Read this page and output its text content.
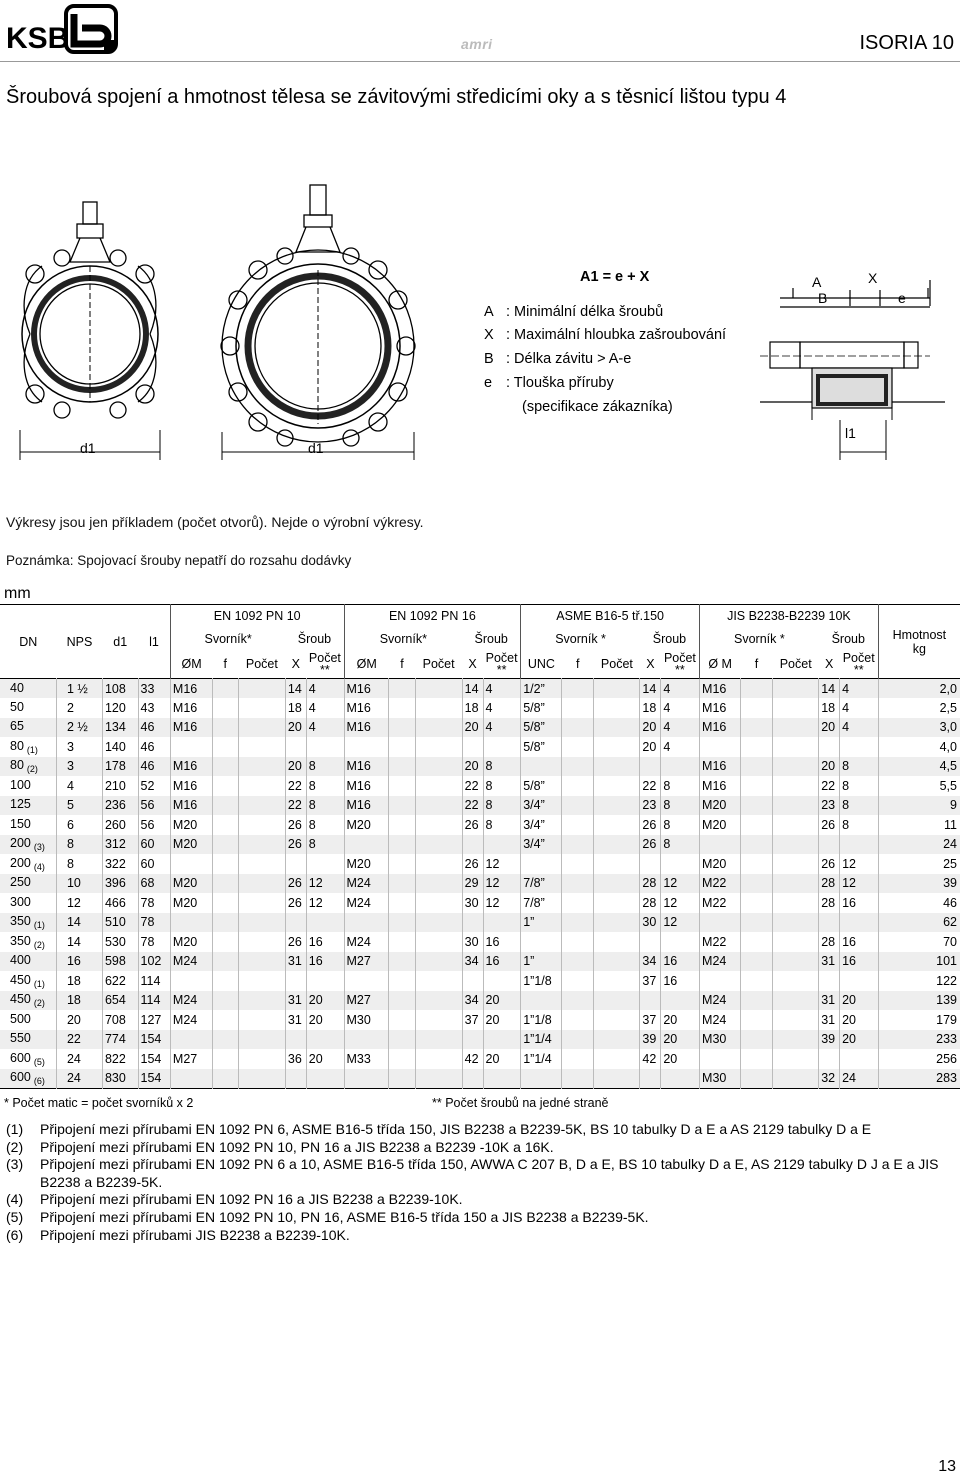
KSB	amri	ISORIA 10
Šroubová spojení a hmotnost tělesa se závitovými středicími oky a s těsnicí lištou typu 4
d1	d1
A
B
X
e
l1
A1 = e + X
A : Minimální délka šroubů
X : Maximální hloubka zašroubování
B : Délka závitu > A-e
e : Tlouška příruby
(specifikace zákazníka)
Výkresy jsou jen příkladem (počet otvorů). Nejde o výrobní výkresy.
Poznámka: Spojovací šrouby nepatří do rozsahu dodávky
mm
DN	NPS	d1	l1	EN 1092 PN 10					EN 1092 PN 16					ASME B16-5 tř.150					JIS B2238-B2239 10K					Hmotnost
kg
				Svorník*			Šroub		Svorník*			Šroub		Svorník *			Šroub		Svorník *			Šroub		
				ØM	f	Počet	X	Počet
**	ØM	f	Počet	X	Počet
**	UNC	f	Počet	X	Počet
**	Ø M	f	Počet	X	Počet
**	
40	1 ½	108	33	M16			14	4	M16			14	4	1/2”			14	4	M16			14	4	2,0
50	2	120	43	M16			18	4	M16			18	4	5/8”			18	4	M16			18	4	2,5
65	2 ½	134	46	M16			20	4	M16			20	4	5/8”			20	4	M16			20	4	3,0
80 $_{(1)}$	3	140	46											5/8”			20	4						4,0
80 $_{(2)}$	3	178	46	M16			20	8	M16			20	8						M16			20	8	4,5
100	4	210	52	M16			22	8	M16			22	8	5/8”			22	8	M16			22	8	5,5
125	5	236	56	M16			22	8	M16			22	8	3/4”			23	8	M20			23	8	9
150	6	260	56	M20			26	8	M20			26	8	3/4”			26	8	M20			26	8	11
200 $_{(3)}$	8	312	60	M20			26	8						3/4”			26	8						24
200 $_{(4)}$	8	322	60						M20			26	12						M20			26	12	25
250	10	396	68	M20			26	12	M24			29	12	7/8”			28	12	M22			28	12	39
300	12	466	78	M20			26	12	M24			30	12	7/8”			28	12	M22			28	16	46
350 $_{(1)}$	14	510	78											1”			30	12						62
350 $_{(2)}$	14	530	78	M20			26	16	M24			30	16						M22			28	16	70
400	16	598	102	M24			31	16	M27			34	16	1”			34	16	M24			31	16	101
450 $_{(1)}$	18	622	114											1”1/8			37	16						122
450 $_{(2)}$	18	654	114	M24			31	20	M27			34	20						M24			31	20	139
500	20	708	127	M24			31	20	M30			37	20	1”1/8			37	20	M24			31	20	179
550	22	774	154											1”1/4			39	20	M30			39	20	233
600 $_{(5)}$	24	822	154	M27			36	20	M33			42	20	1”1/4			42	20						256
600 $_{(6)}$	24	830	154																M30			32	24	283
* Počet matic = počet svorníků x 2	** Počet šroubů na jedné straně
(1) Připojení mezi přírubami EN 1092 PN 6, ASME B16-5 třída 150, JIS B2238 a B2239-5K, BS 10 tabulky D a E a AS 2129 tabulky D a E
(2) Připojení mezi přírubami EN 1092 PN 10, PN 16 a JIS B2238 a B2239 -10K a 16K.
(3) Připojení mezi přírubami EN 1092 PN 6 a 10, ASME B16-5 třída 150, AWWA C 207 B, D a E, BS 10 tabulky D a E, AS 2129 tabulky D J a E a JIS B2238 a B2239-5K.
(4) Připojení mezi přírubami EN 1092 PN 16 a JIS B2238 a B2239-10K.
(5) Připojení mezi přírubami EN 1092 PN 10, PN 16, ASME B16-5 třída 150 a JIS B2238 a B2239-5K.
(6) Připojení mezi přírubami JIS B2238 a B2239-10K.
13
